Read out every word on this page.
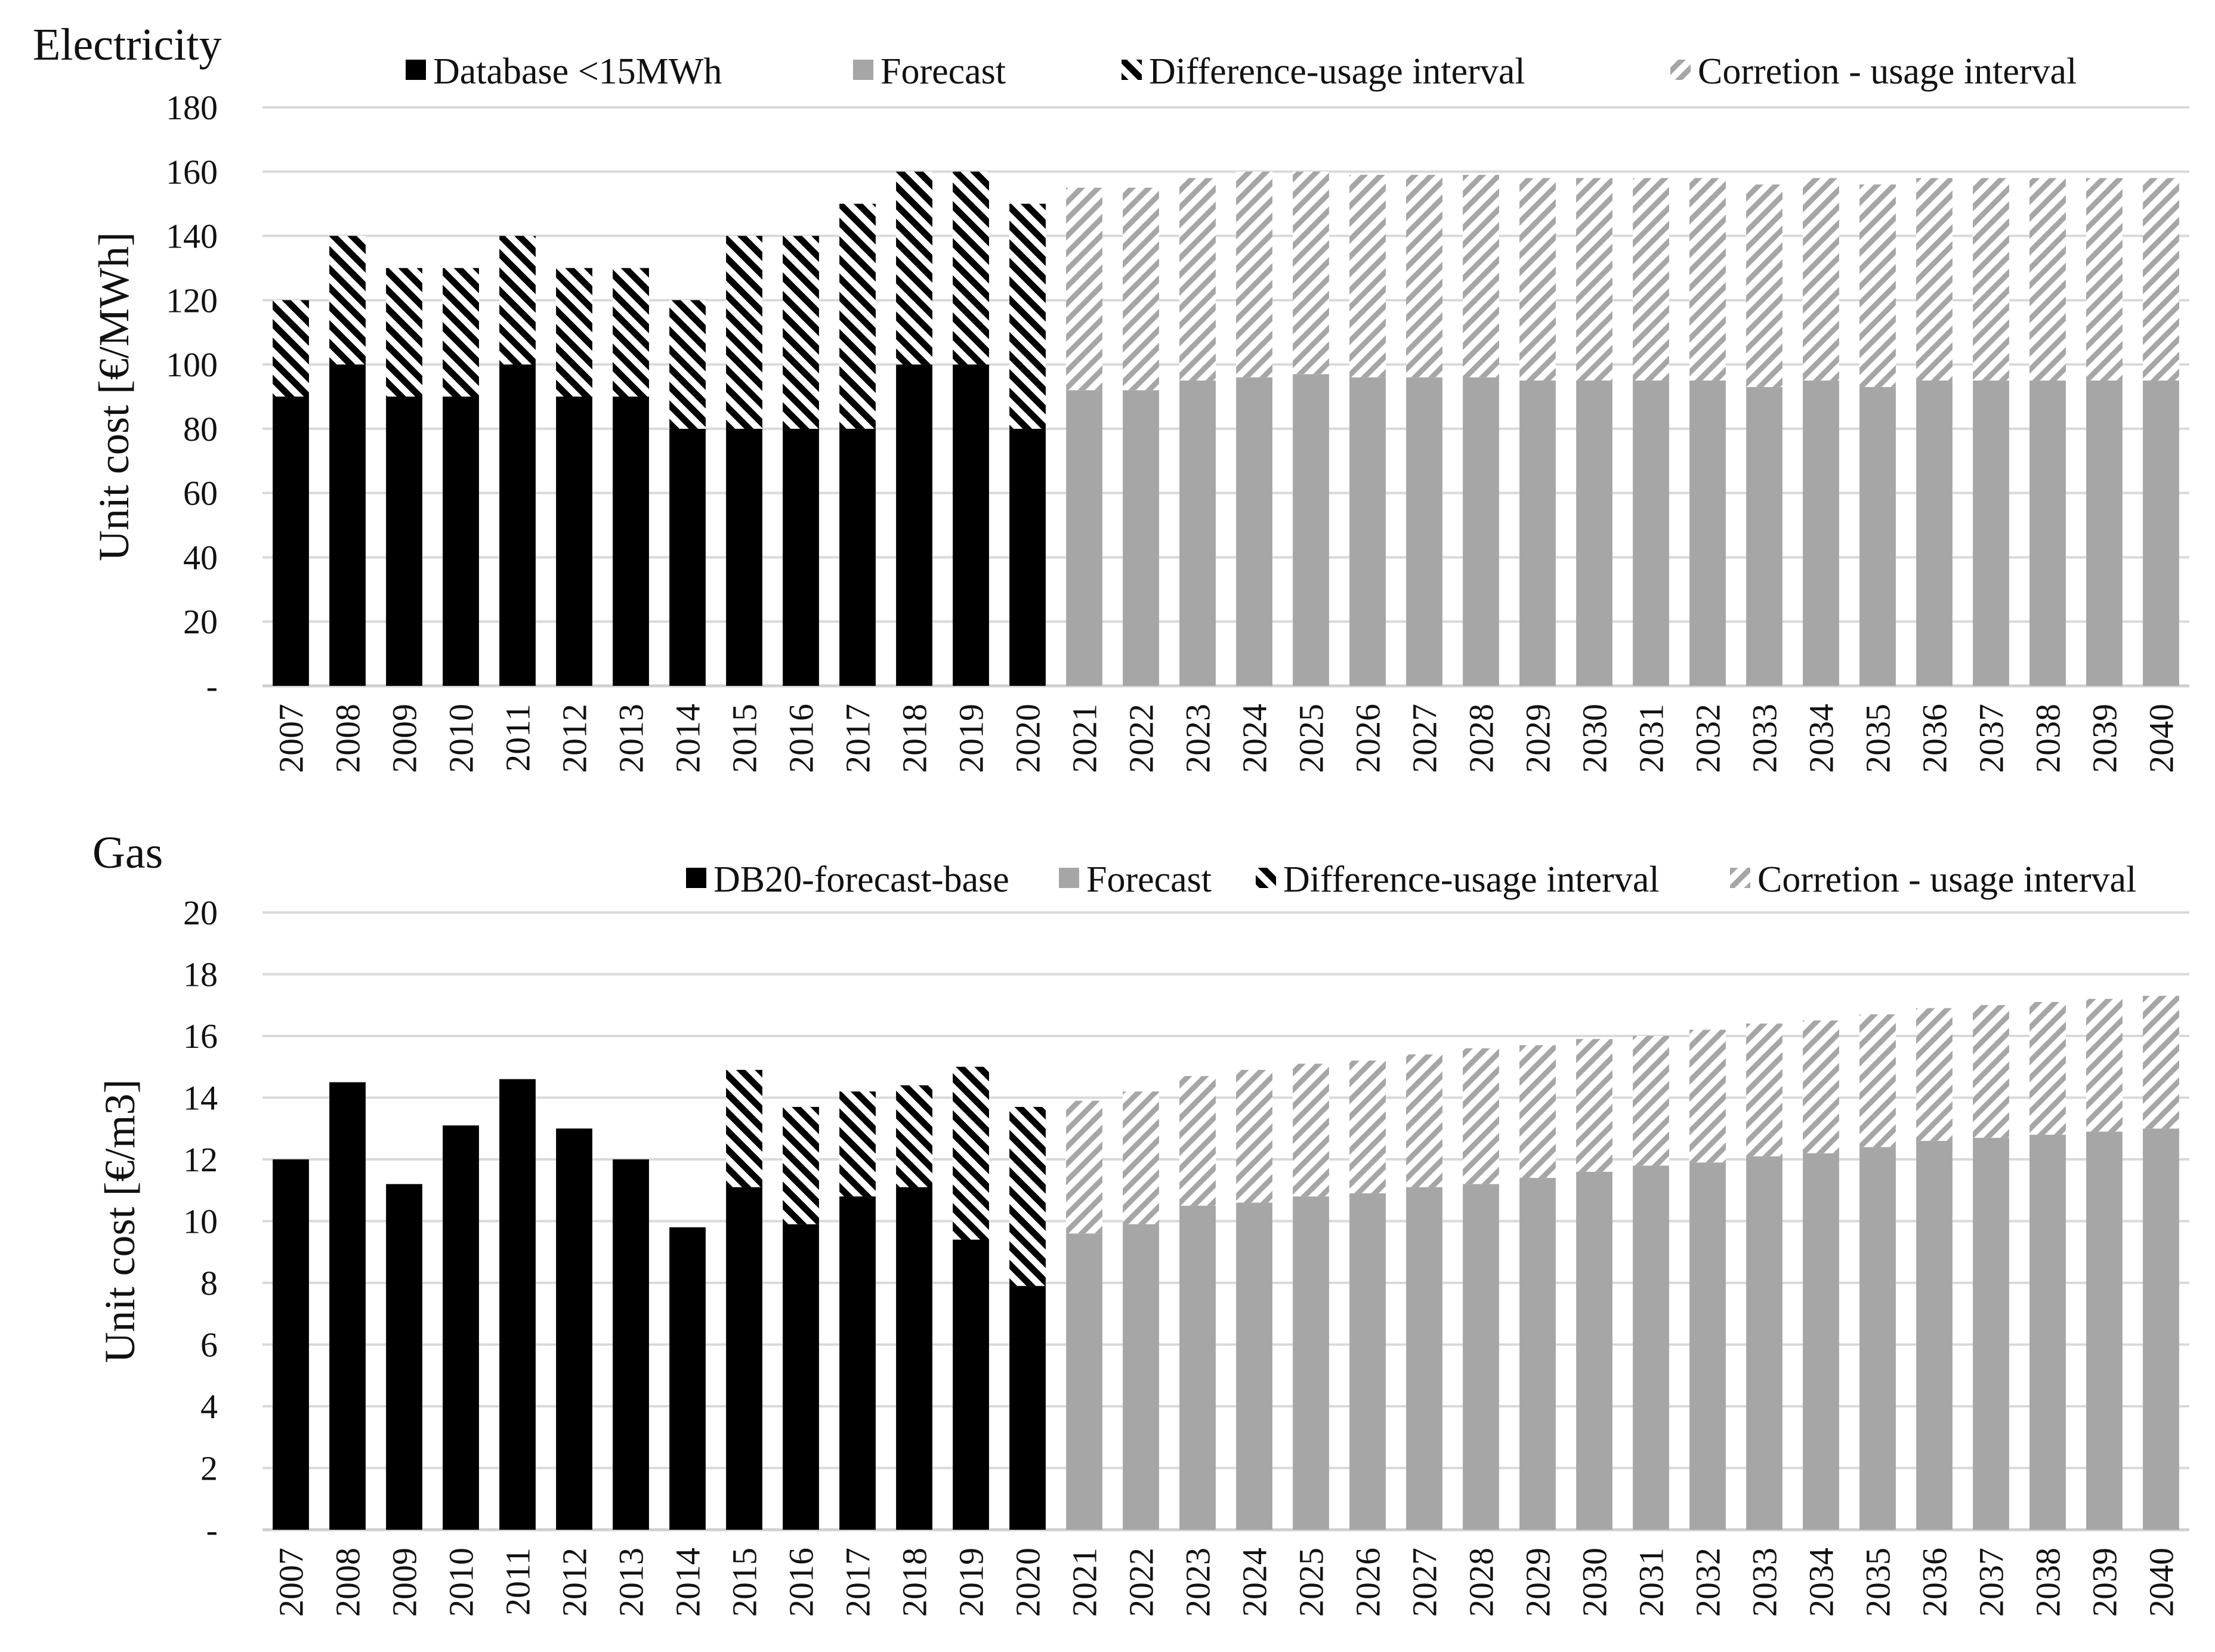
Electricity
Unit cost [€/MWh]
-
20
40
60
80
100
120
140
160
180
2007 2008 2009 2010 2011 2012 2013 2014 2015 2016 2017 2018 2019 2020 2021 2022 2023 2024 2025 2026 2027 2028 2029 2030 2031 2032 2033 2034 2035 2036 2037 2038 2039 2040
Database <15MWh	Forecast	Difference-usage interval	Corretion - usage interval
Gas
Unit cost [€/m3]
-
2
4
6
8
10
12
14
16
18
20
2007 2008 2009 2010 2011 2012 2013 2014 2015 2016 2017 2018 2019 2020 2021 2022 2023 2024 2025 2026 2027 2028 2029 2030 2031 2032 2033 2034 2035 2036 2037 2038 2039 2040
DB20-forecast-base Forecast Difference-usage interval	Corretion - usage interval
